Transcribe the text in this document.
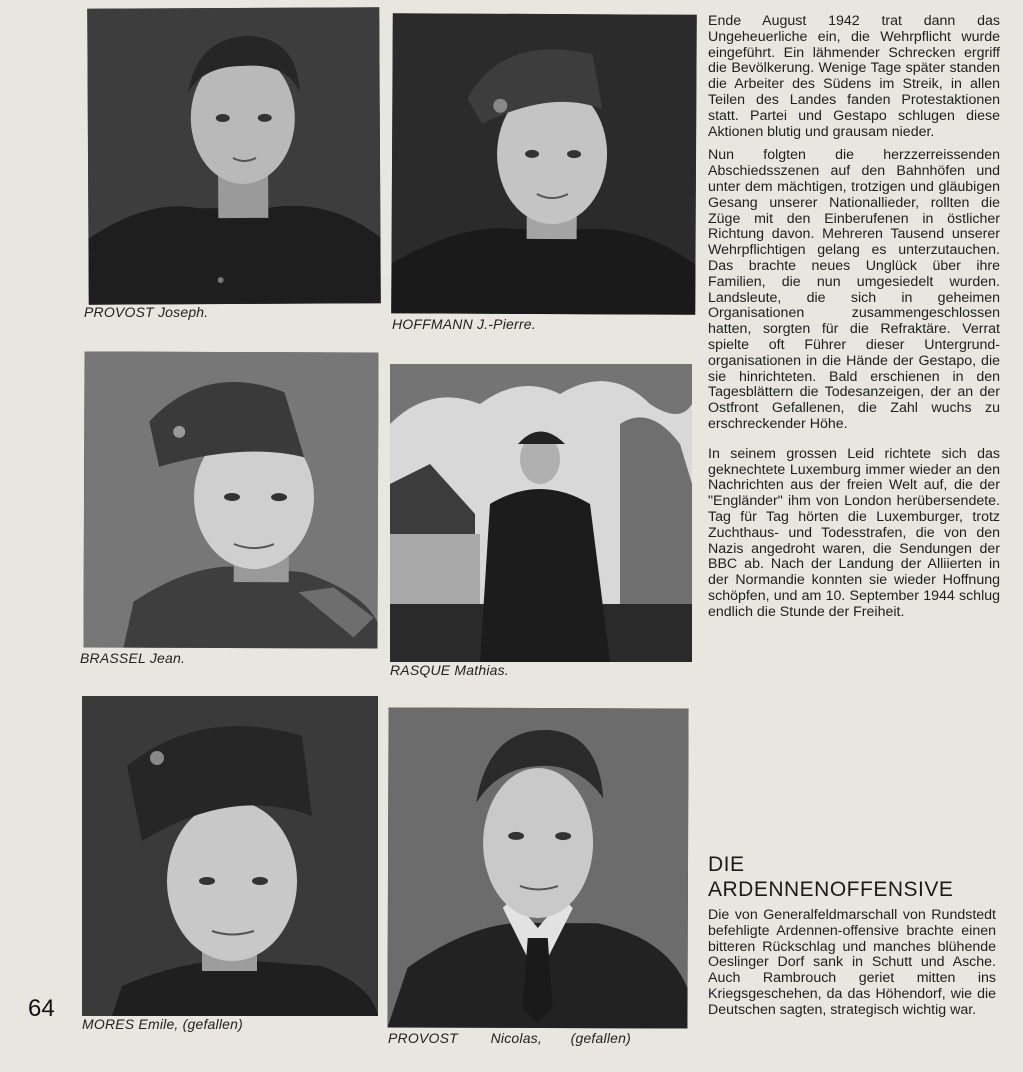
PROVOST Joseph.
HOFFMANN J.-Pierre.
BRASSEL Jean.
RASQUE Mathias.
MORES Emile, (gefallen)
PROVOST        Nicolas,       (gefallen)
64

Ende August 1942 trat dann das Ungeheuerliche ein, die Wehrpflicht wurde eingeführt. Ein lähmender Schrecken ergriff die Bevölkerung. Wenige Tage später standen die Arbeiter des Südens im Streik, in allen Teilen des Landes fanden Protestaktionen statt. Partei und Gestapo schlugen diese Aktionen blutig und grausam nieder.

Nun folgten die herzzerreissenden Abschiedsszenen auf den Bahnhöfen und unter dem mächtigen, trotzigen und gläubigen Gesang unserer Nationallieder, rollten die Züge mit den Einberufenen in östlicher Richtung davon. Mehreren Tausend unserer Wehrpflichtigen gelang es unterzutauchen. Das brachte neues Unglück über ihre Familien, die nun umgesiedelt wurden. Landsleute, die sich in geheimen Organisationen zusammengeschlossen hatten, sorgten für die Refraktäre. Verrat spielte oft Führer dieser Untergrund-organisationen in die Hände der Gestapo, die sie hinrichteten. Bald erschienen in den Tagesblättern die Todesanzeigen, der an der Ostfront Gefallenen, die Zahl wuchs zu erschreckender Höhe.

In seinem grossen Leid richtete sich das geknechtete Luxemburg immer wieder an den Nachrichten aus der freien Welt auf, die der "Engländer" ihm von London herübersendete. Tag für Tag hörten die Luxemburger, trotz Zuchthaus- und Todesstrafen, die von den Nazis angedroht waren, die Sendungen der BBC ab. Nach der Landung der Alliierten in der Normandie konnten sie wieder Hoffnung schöpfen, und am 10. September 1944 schlug endlich die Stunde der Freiheit.

DIE
ARDENNENOFFENSIVE

Die von Generalfeldmarschall von Rundstedt befehligte Ardennen-offensive brachte einen bitteren Rückschlag und manches blühende Oeslinger Dorf sank in Schutt und Asche. Auch Rambrouch geriet mitten ins Kriegsgeschehen, da das Höhendorf, wie die Deutschen sagten, strategisch wichtig war.
